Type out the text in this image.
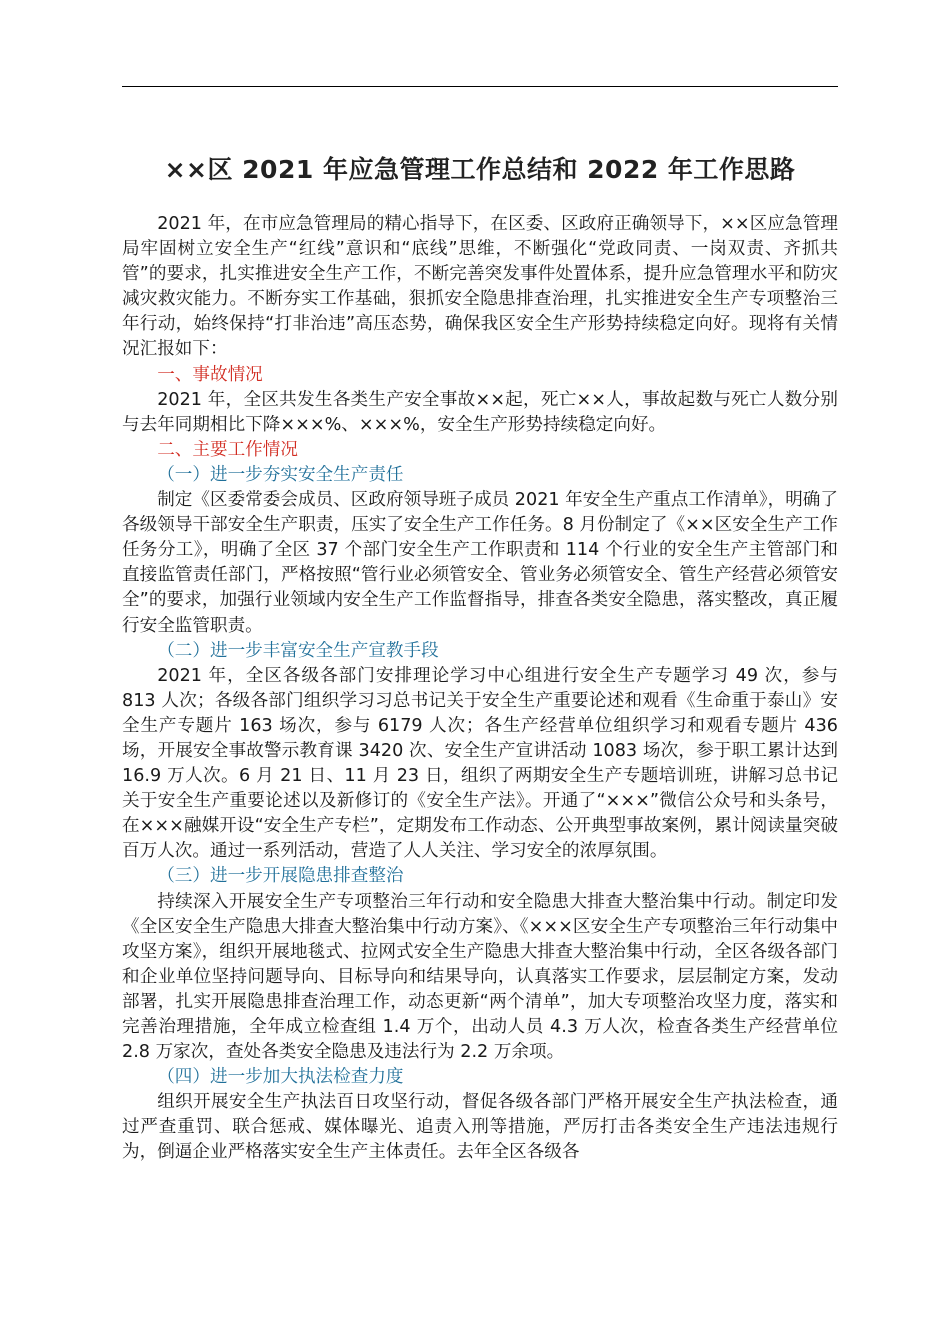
××区 2021 年应急管理工作总结和 2022 年工作思路

2021 年，在市应急管理局的精心指导下，在区委、区政府正确领导下，××区应急管理局牢固树立安全生产“红线”意识和“底线”思维，不断强化“党政同责、一岗双责、齐抓共管”的要求，扎实推进安全生产工作，不断完善突发事件处置体系，提升应急管理水平和防灾减灾救灾能力。不断夯实工作基础，狠抓安全隐患排查治理，扎实推进安全生产专项整治三年行动，始终保持“打非治违”高压态势，确保我区安全生产形势持续稳定向好。现将有关情况汇报如下：

一、事故情况

2021 年，全区共发生各类生产安全事故××起，死亡××人，事故起数与死亡人数分别与去年同期相比下降×××%、×××%，安全生产形势持续稳定向好。

二、主要工作情况

（一）进一步夯实安全生产责任

制定《区委常委会成员、区政府领导班子成员 2021 年安全生产重点工作清单》，明确了各级领导干部安全生产职责，压实了安全生产工作任务。8 月份制定了《××区安全生产工作任务分工》，明确了全区 37 个部门安全生产工作职责和 114 个行业的安全生产主管部门和直接监管责任部门，严格按照“管行业必须管安全、管业务必须管安全、管生产经营必须管安全”的要求，加强行业领域内安全生产工作监督指导，排查各类安全隐患，落实整改，真正履行安全监管职责。

（二）进一步丰富安全生产宣教手段

2021 年，全区各级各部门安排理论学习中心组进行安全生产专题学习 49 次，参与 813 人次；各级各部门组织学习习总书记关于安全生产重要论述和观看《生命重于泰山》安全生产专题片 163 场次，参与 6179 人次；各生产经营单位组织学习和观看专题片 436 场，开展安全事故警示教育课 3420 次、安全生产宣讲活动 1083 场次，参于职工累计达到 16.9 万人次。6 月 21 日、11 月 23 日，组织了两期安全生产专题培训班，讲解习总书记关于安全生产重要论述以及新修订的《安全生产法》。开通了“×××”微信公众号和头条号，在×××融媒开设“安全生产专栏”，定期发布工作动态、公开典型事故案例，累计阅读量突破百万人次。通过一系列活动，营造了人人关注、学习安全的浓厚氛围。

（三）进一步开展隐患排查整治

持续深入开展安全生产专项整治三年行动和安全隐患大排查大整治集中行动。制定印发《全区安全生产隐患大排查大整治集中行动方案》、《×××区安全生产专项整治三年行动集中攻坚方案》，组织开展地毯式、拉网式安全生产隐患大排查大整治集中行动，全区各级各部门和企业单位坚持问题导向、目标导向和结果导向，认真落实工作要求，层层制定方案，发动部署，扎实开展隐患排查治理工作，动态更新“两个清单”，加大专项整治攻坚力度，落实和完善治理措施，全年成立检查组 1.4 万个，出动人员 4.3 万人次，检查各类生产经营单位 2.8 万家次，查处各类安全隐患及违法行为 2.2 万余项。

（四）进一步加大执法检查力度

组织开展安全生产执法百日攻坚行动，督促各级各部门严格开展安全生产执法检查，通过严查重罚、联合惩戒、媒体曝光、追责入刑等措施，严厉打击各类安全生产违法违规行为，倒逼企业严格落实安全生产主体责任。去年全区各级各
